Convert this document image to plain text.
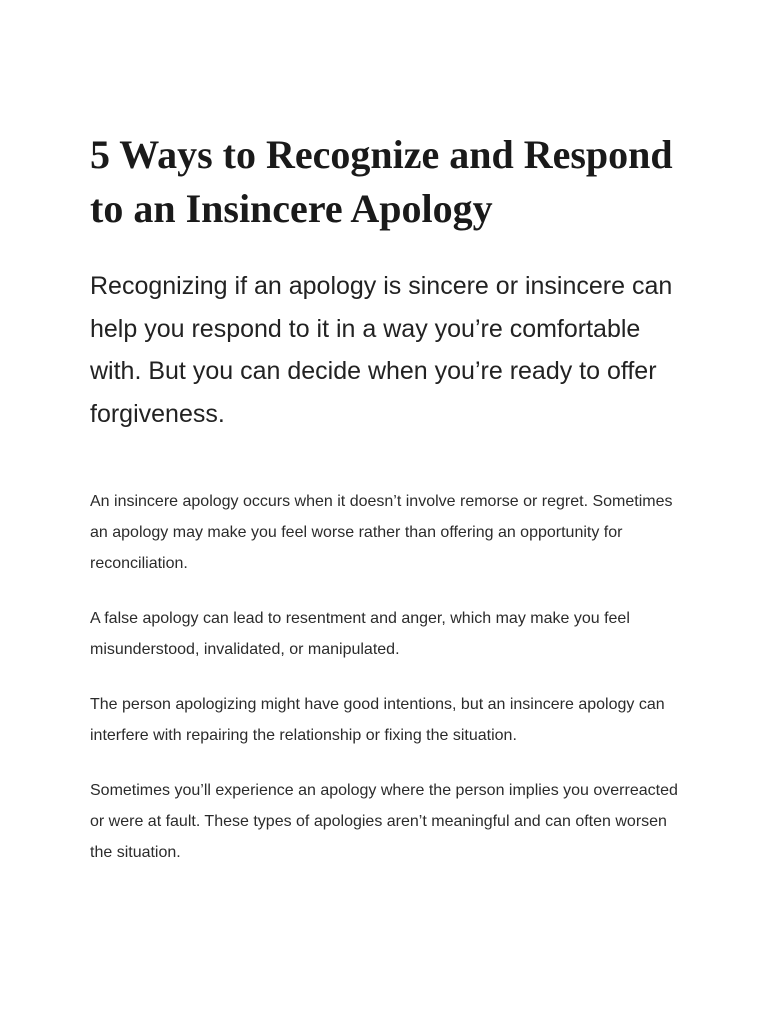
5 Ways to Recognize and Respond to an Insincere Apology

Recognizing if an apology is sincere or insincere can help you respond to it in a way you’re comfortable with. But you can decide when you’re ready to offer forgiveness.

An insincere apology occurs when it doesn’t involve remorse or regret. Sometimes an apology may make you feel worse rather than offering an opportunity for reconciliation.

A false apology can lead to resentment and anger, which may make you feel misunderstood, invalidated, or manipulated.

The person apologizing might have good intentions, but an insincere apology can interfere with repairing the relationship or fixing the situation.

Sometimes you’ll experience an apology where the person implies you overreacted or were at fault. These types of apologies aren’t meaningful and can often worsen the situation.
